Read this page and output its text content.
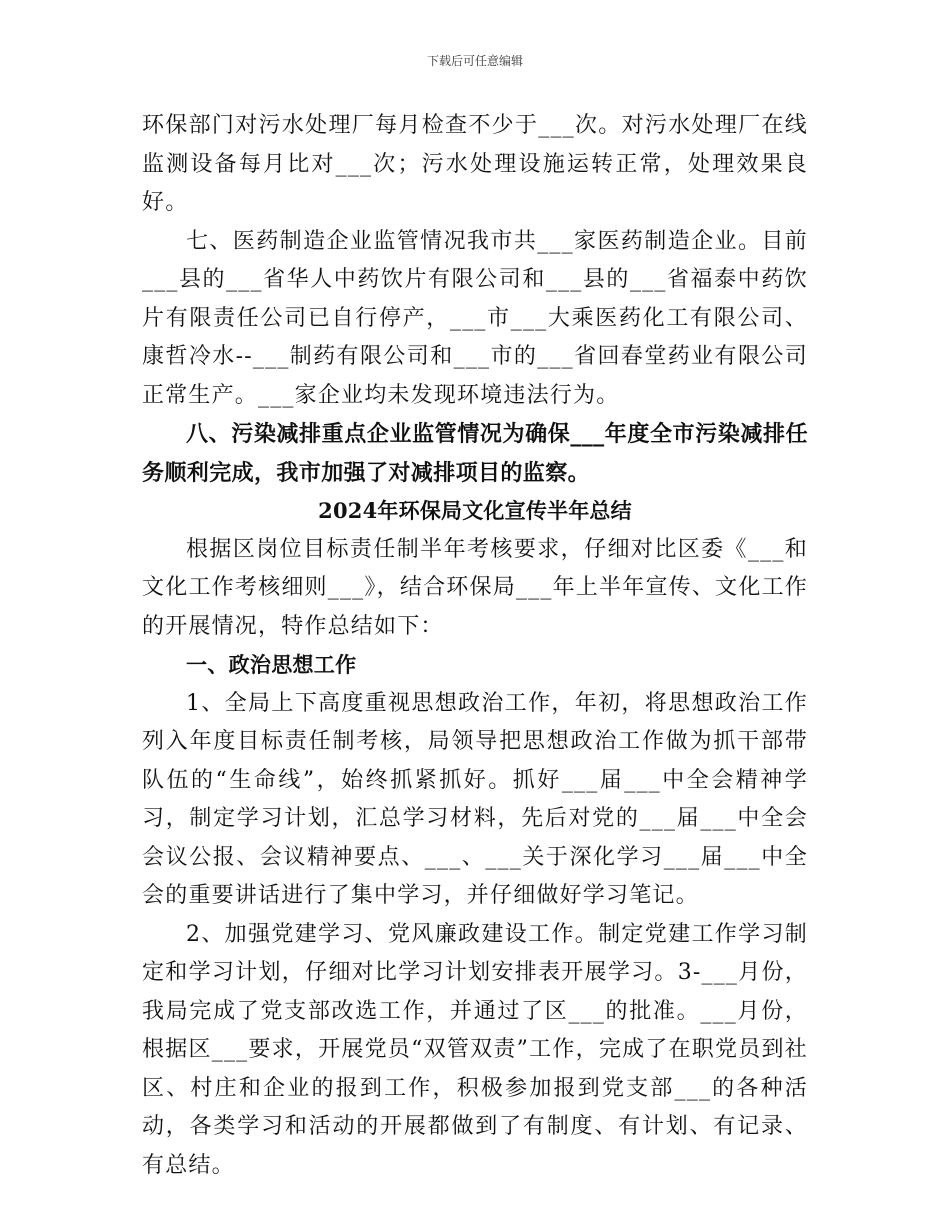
下载后可任意编辑

环保部门对污水处理厂每月检查不少于___次。对污水处理厂在线监测设备每月比对___次；污水处理设施运转正常，处理效果良好。

七、医药制造企业监管情况我市共___家医药制造企业。目前___县的___省华人中药饮片有限公司和___县的___省福泰中药饮片有限责任公司已自行停产，___市___大乘医药化工有限公司、康哲冷水--___制药有限公司和___市的___省回春堂药业有限公司正常生产。___家企业均未发现环境违法行为。

八、污染减排重点企业监管情况为确保___年度全市污染减排任务顺利完成，我市加强了对减排项目的监察。

2024年环保局文化宣传半年总结

根据区岗位目标责任制半年考核要求，仔细对比区委《___和文化工作考核细则___》，结合环保局___年上半年宣传、文化工作的开展情况，特作总结如下：

一、政治思想工作

1、全局上下高度重视思想政治工作，年初，将思想政治工作列入年度目标责任制考核，局领导把思想政治工作做为抓干部带队伍的“生命线”，始终抓紧抓好。抓好___届___中全会精神学习，制定学习计划，汇总学习材料，先后对党的___届___中全会会议公报、会议精神要点、___、___关于深化学习___届___中全会的重要讲话进行了集中学习，并仔细做好学习笔记。

2、加强党建学习、党风廉政建设工作。制定党建工作学习制定和学习计划，仔细对比学习计划安排表开展学习。3-___月份，我局完成了党支部改选工作，并通过了区___的批准。___月份，根据区___要求，开展党员“双管双责”工作，完成了在职党员到社区、村庄和企业的报到工作，积极参加报到党支部___的各种活动，各类学习和活动的开展都做到了有制度、有计划、有记录、有总结。
